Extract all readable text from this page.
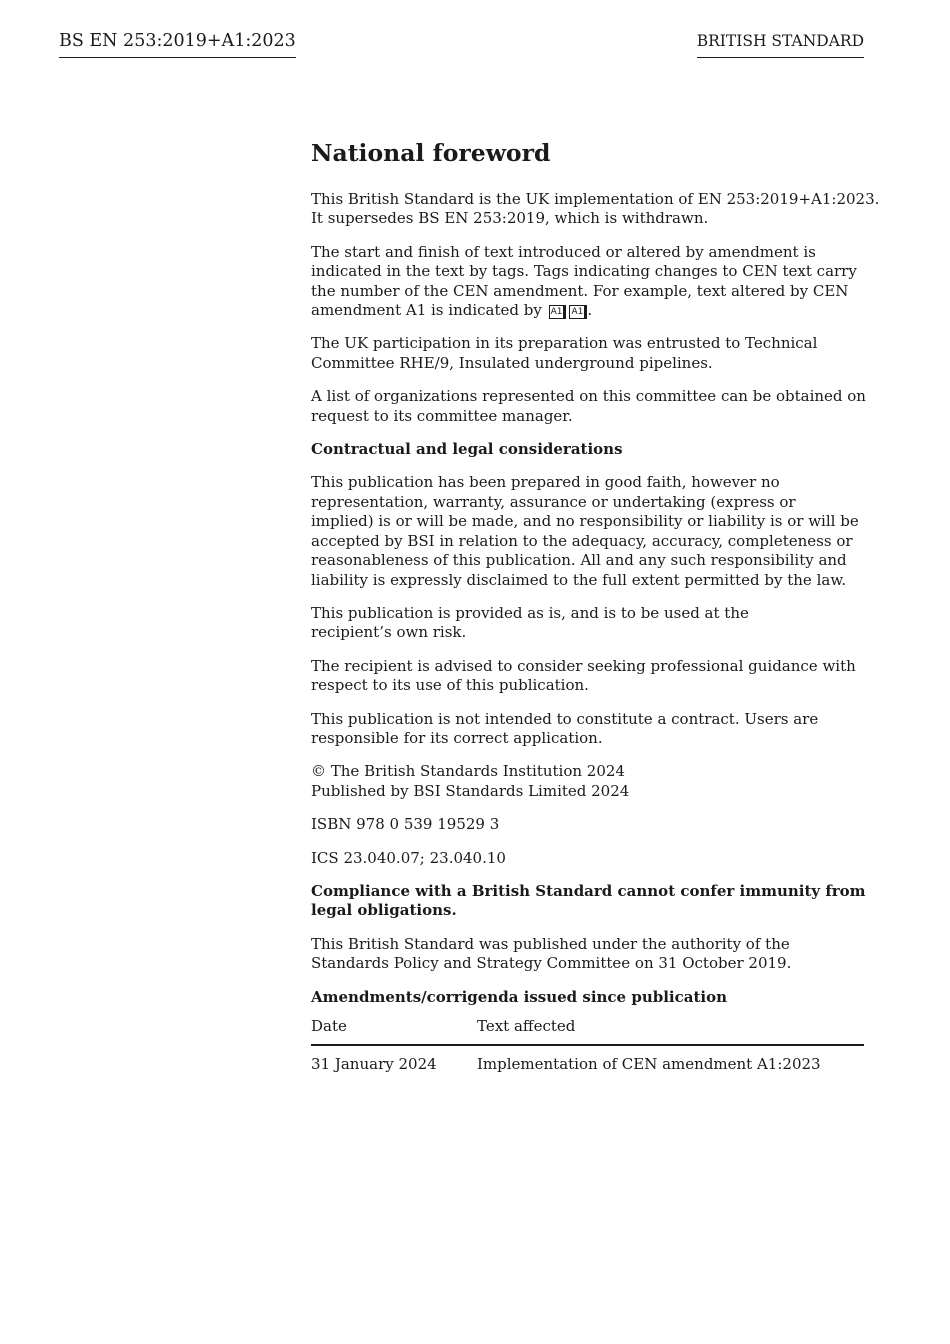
BS EN 253:2019+A1:2023	BRITISH STANDARD
National foreword

This British Standard is the UK implementation of EN 253:2019+A1:2023.
It supersedes BS EN 253:2019, which is withdrawn.

The start and finish of text introduced or altered by amendment is
indicated in the text by tags. Tags indicating changes to CEN text carry
the number of the CEN amendment. For example, text altered by CEN
amendment A1 is indicated by A1 A1 .

The UK participation in its preparation was entrusted to Technical
Committee RHE/9, Insulated underground pipelines.

A list of organizations represented on this committee can be obtained on
request to its committee manager.

Contractual and legal considerations

This publication has been prepared in good faith, however no
representation, warranty, assurance or undertaking (express or
implied) is or will be made, and no responsibility or liability is or will be
accepted by BSI in relation to the adequacy, accuracy, completeness or
reasonableness of this publication. All and any such responsibility and
liability is expressly disclaimed to the full extent permitted by the law.

This publication is provided as is, and is to be used at the
recipient’s own risk.

The recipient is advised to consider seeking professional guidance with
respect to its use of this publication.

This publication is not intended to constitute a contract. Users are
responsible for its correct application.

© The British Standards Institution 2024
Published by BSI Standards Limited 2024

ISBN 978 0 539 19529 3

ICS 23.040.07; 23.040.10

Compliance with a British Standard cannot confer immunity from
legal obligations.

This British Standard was published under the authority of the
Standards Policy and Strategy Committee on 31 October 2019.

Amendments/corrigenda issued since publication
Date	Text affected
31 January 2024	Implementation of CEN amendment A1:2023
